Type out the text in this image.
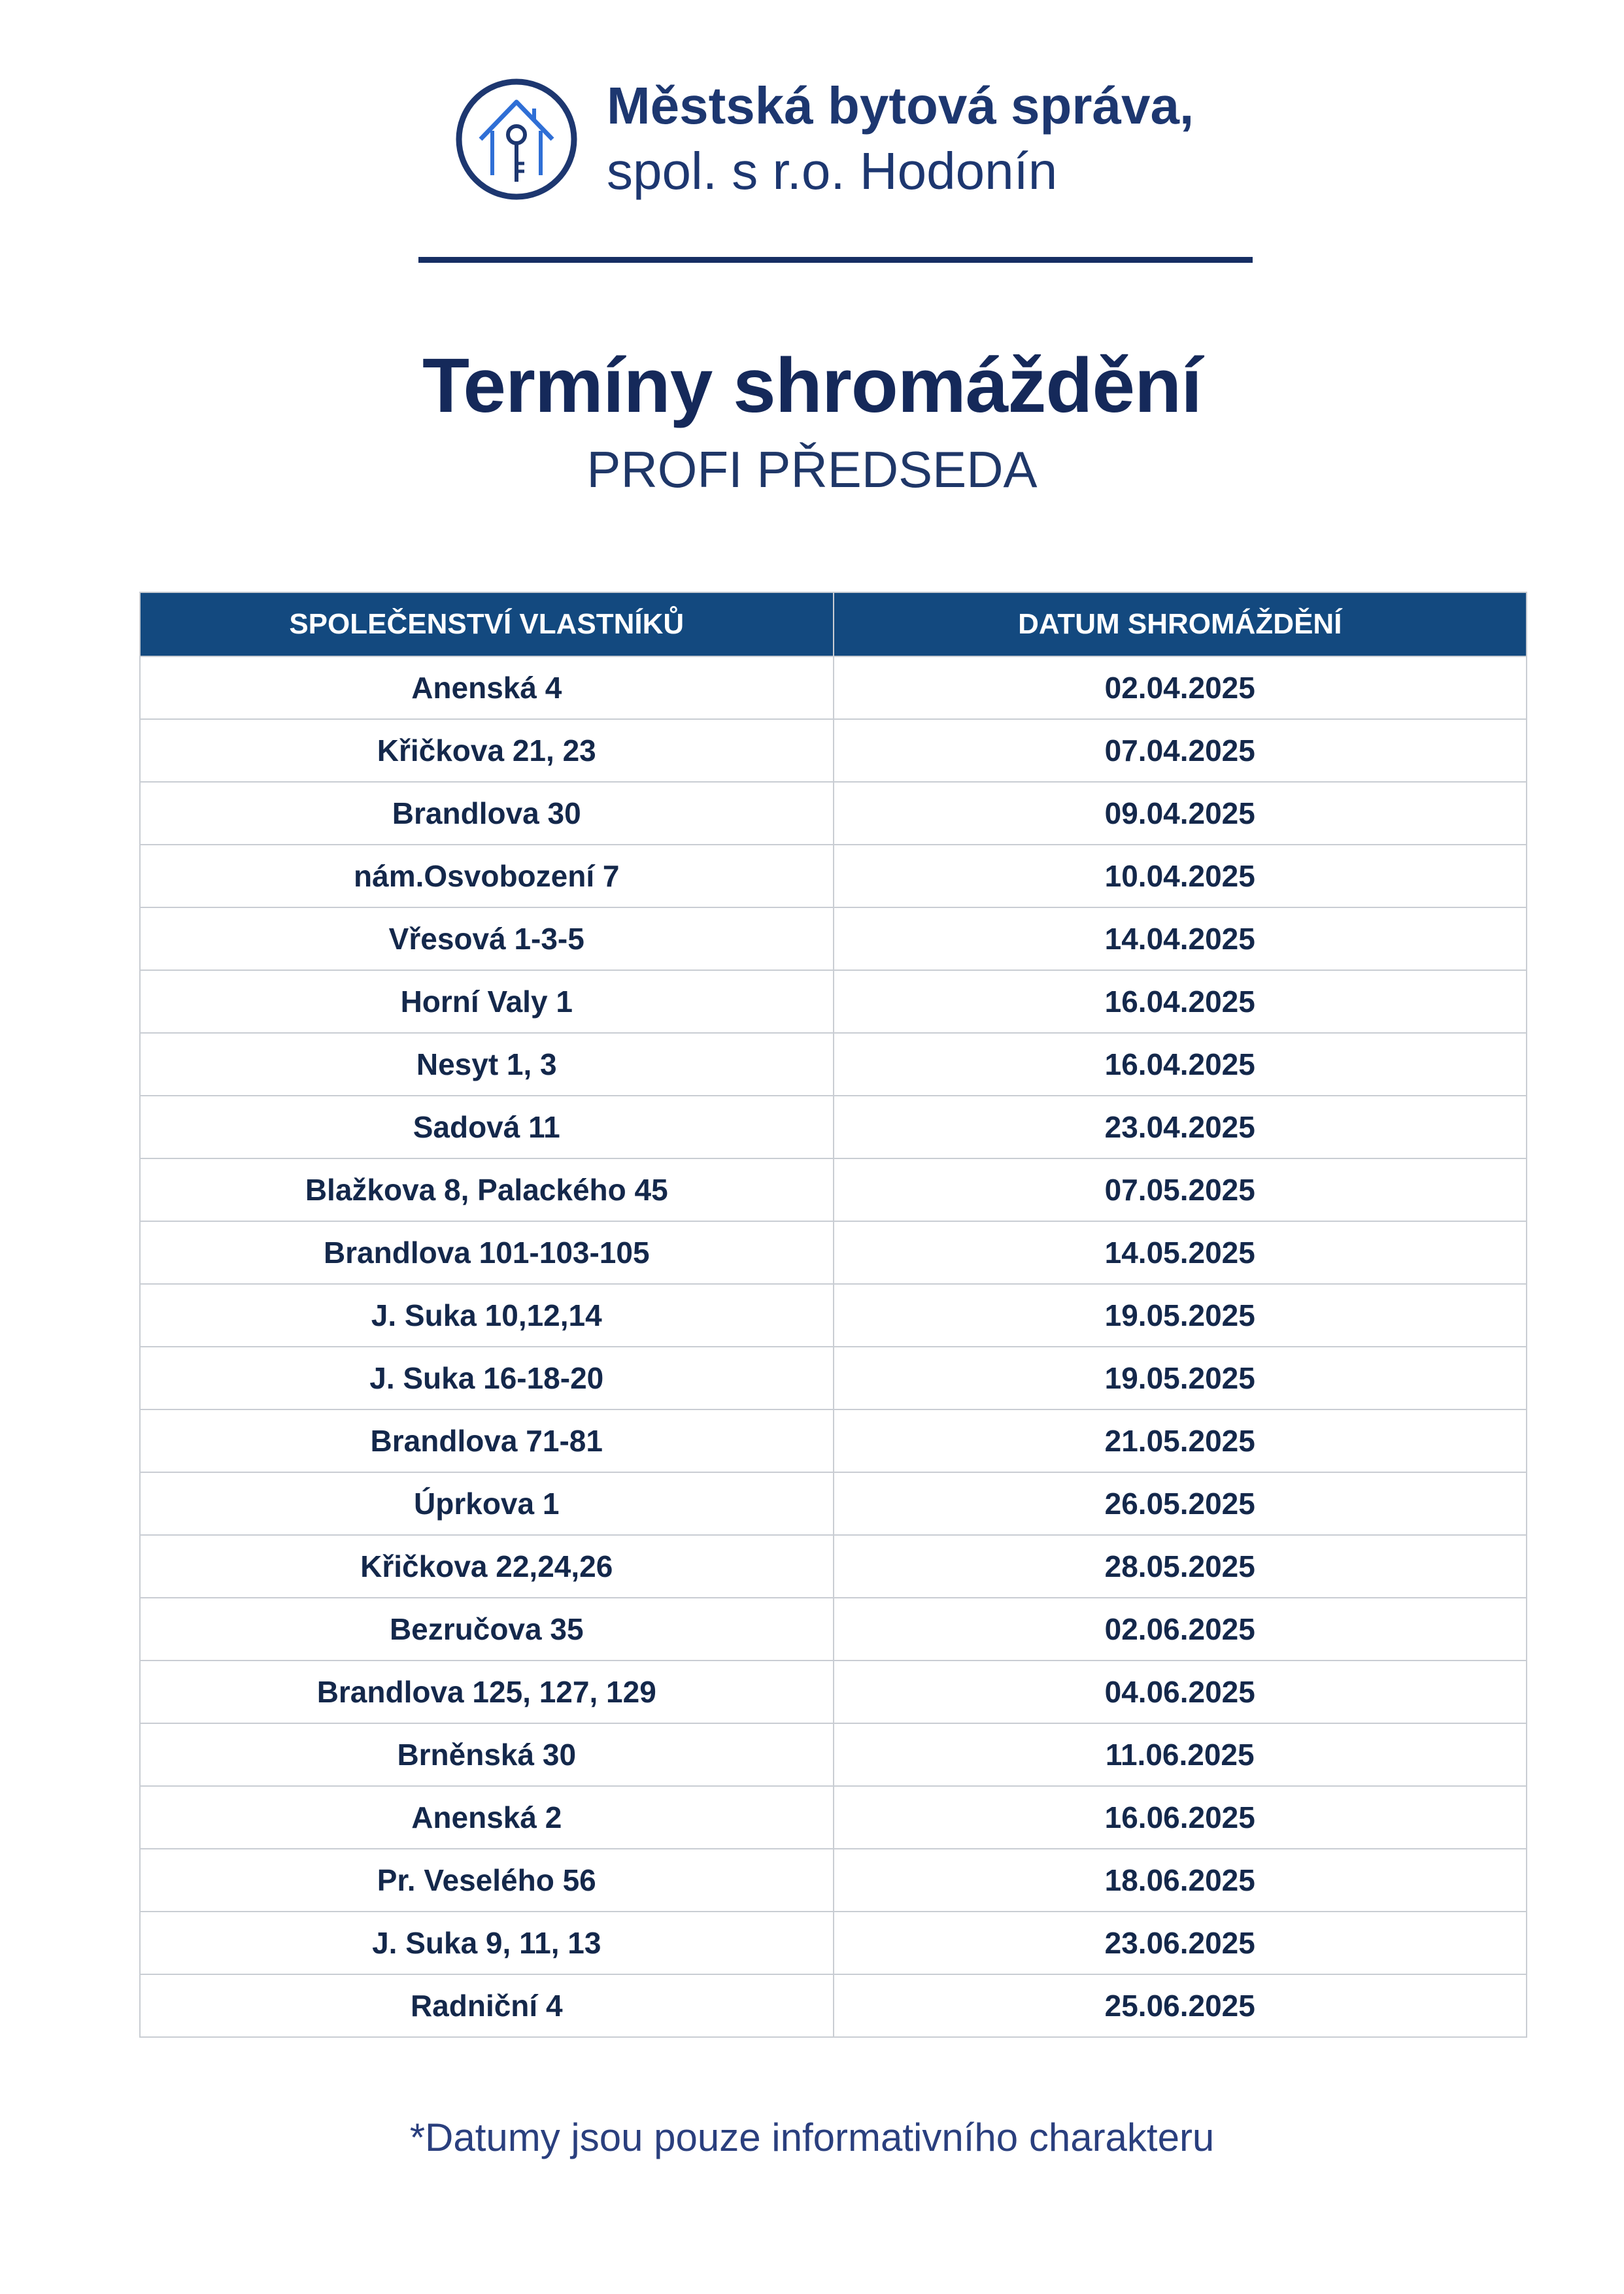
Městská bytová správa,
spol. s r.o. Hodonín
Termíny shromáždění
PROFI PŘEDSEDA
SPOLEČENSTVÍ VLASTNÍKŮ	DATUM SHROMÁŽDĚNÍ
Anenská 4	02.04.2025
Křičkova 21, 23	07.04.2025
Brandlova 30	09.04.2025
nám.Osvobození 7	10.04.2025
Vřesová 1-3-5	14.04.2025
Horní Valy 1	16.04.2025
Nesyt 1, 3	16.04.2025
Sadová 11	23.04.2025
Blažkova 8, Palackého 45	07.05.2025
Brandlova 101-103-105	14.05.2025
J. Suka 10,12,14	19.05.2025
J. Suka 16-18-20	19.05.2025
Brandlova 71-81	21.05.2025
Úprkova 1	26.05.2025
Křičkova 22,24,26	28.05.2025
Bezručova 35	02.06.2025
Brandlova 125, 127, 129	04.06.2025
Brněnská 30	11.06.2025
Anenská 2	16.06.2025
Pr. Veselého 56	18.06.2025
J. Suka 9, 11, 13	23.06.2025
Radniční 4	25.06.2025
*Datumy jsou pouze informativního charakteru
